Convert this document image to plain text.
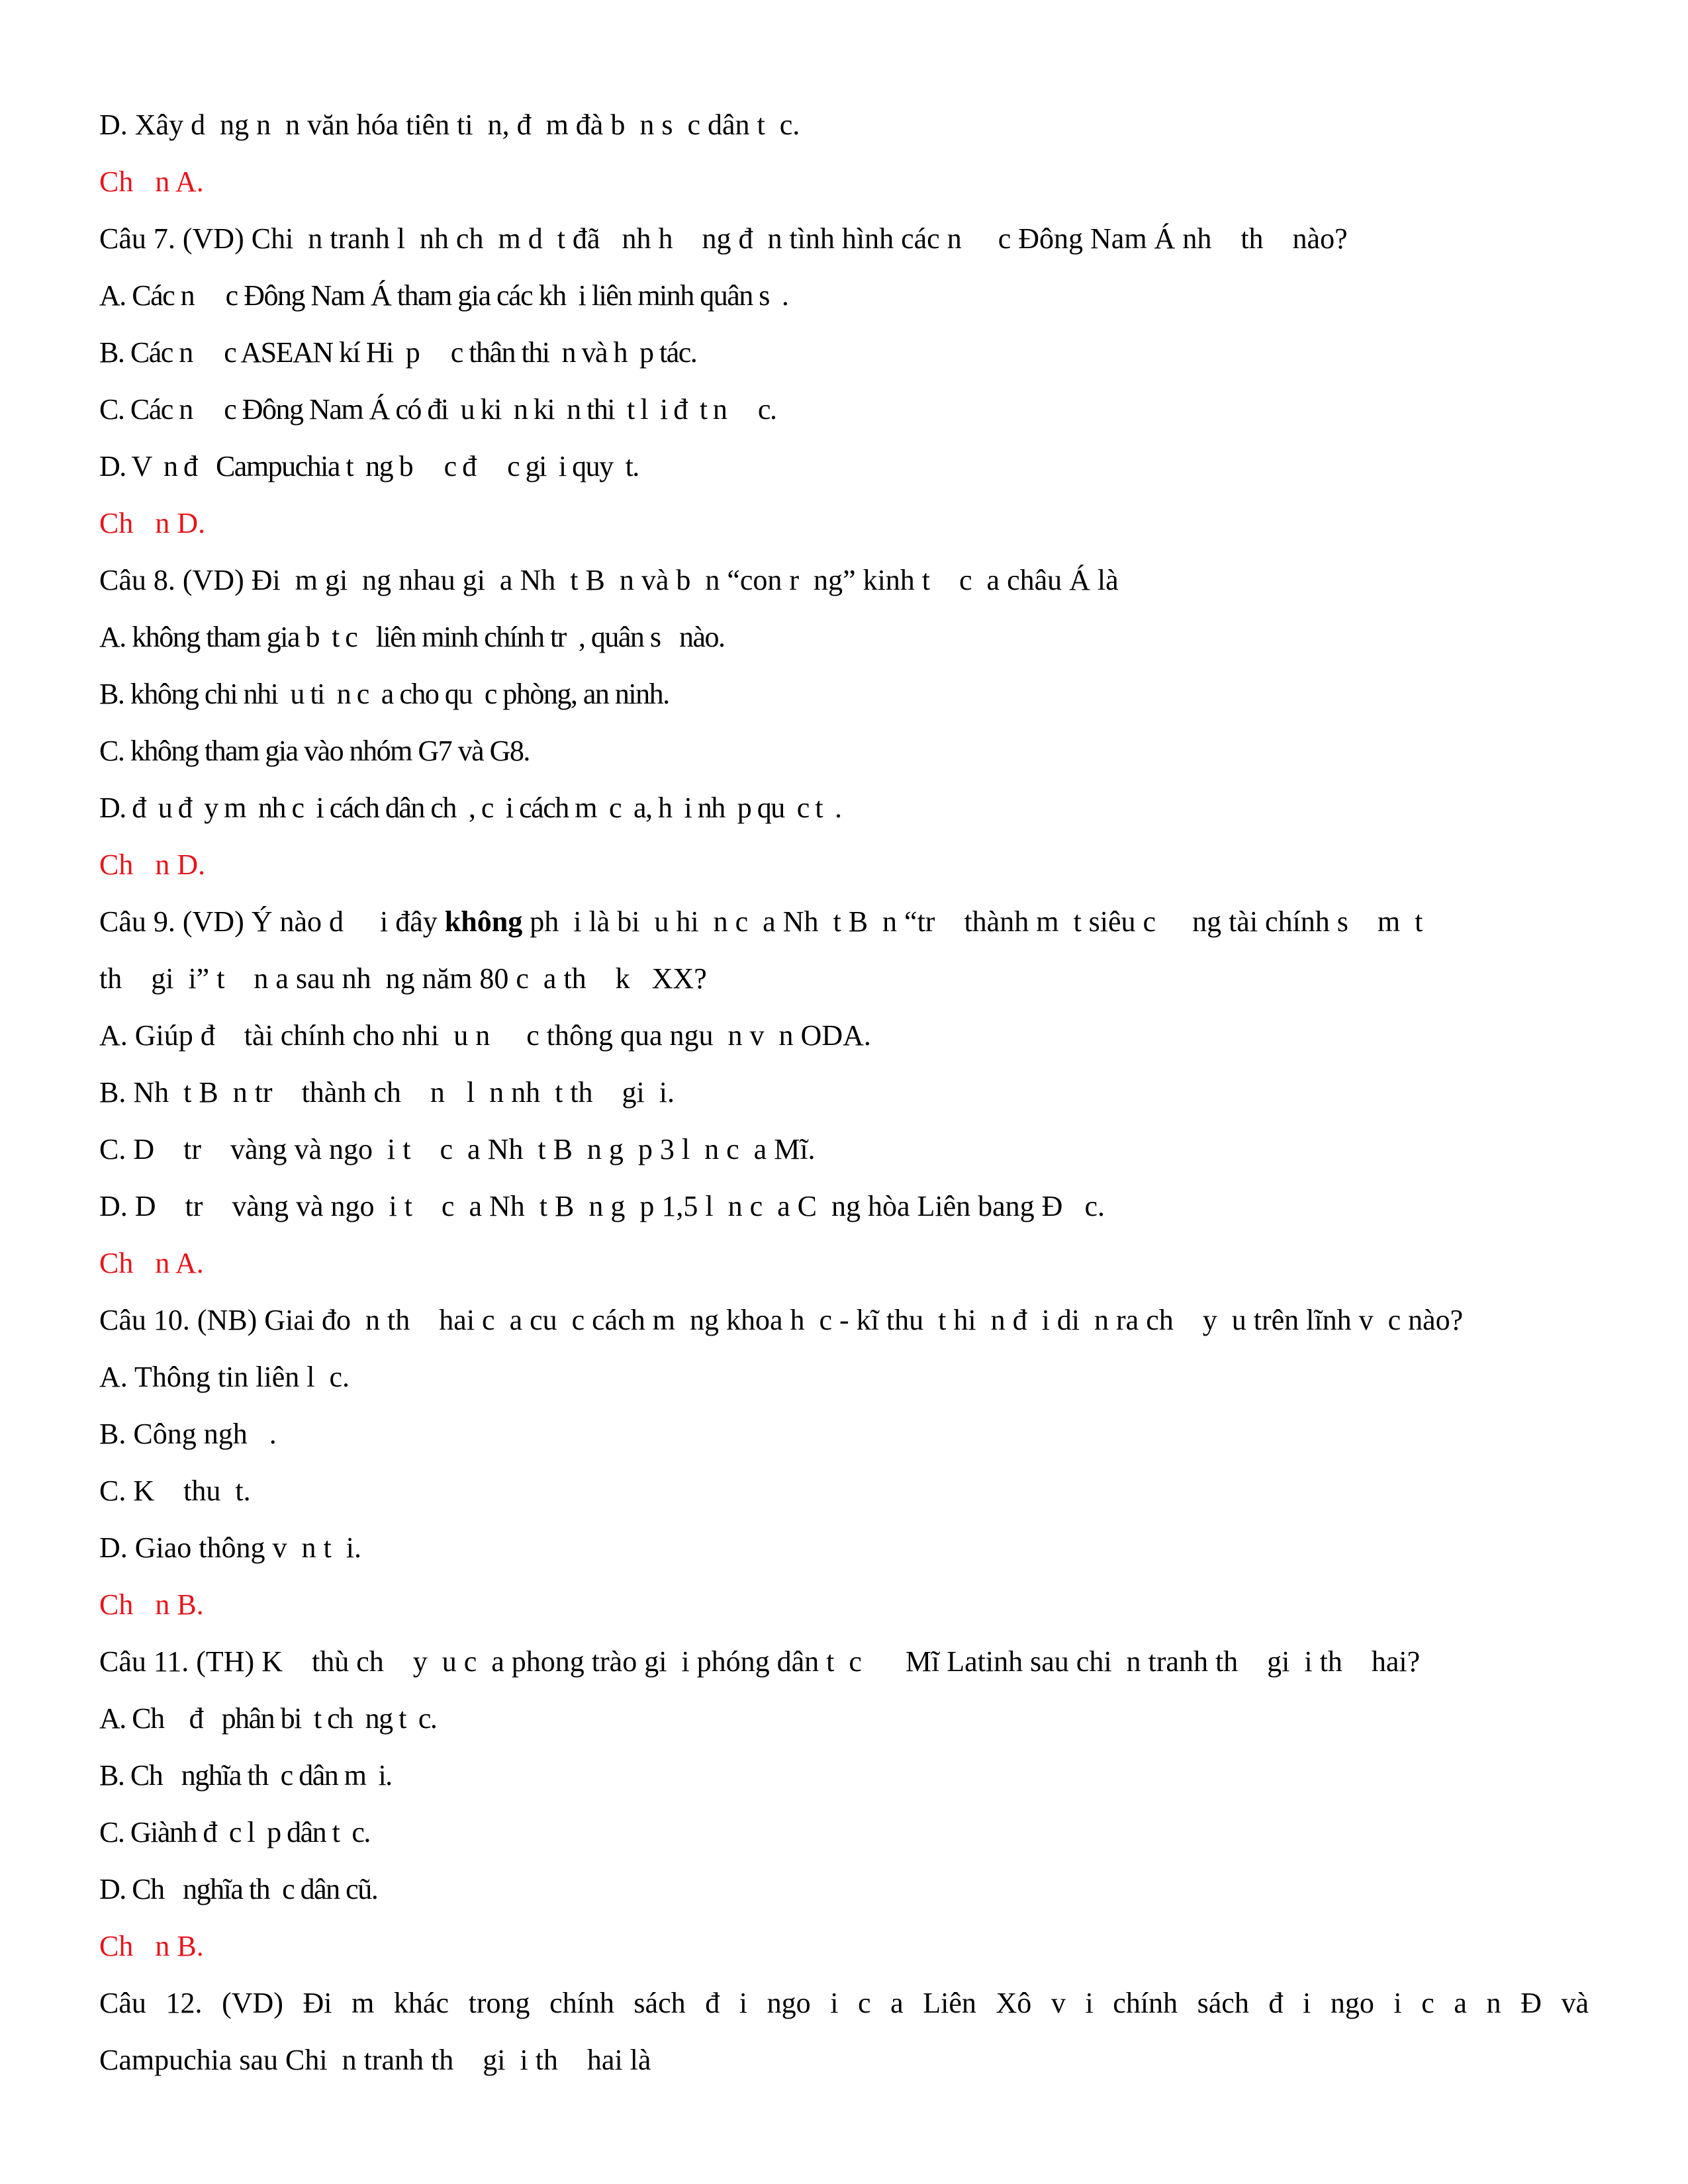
D. Xây d  ng n  n văn hóa tiên ti  n, đ  m đà b  n s  c dân t  c.
Ch   n A.
Câu 7. (VD) Chi  n tranh l  nh ch  m d  t đã   nh h    ng đ  n tình hình các n     c Đông Nam Á nh    th    nào?
A. Các n     c Đông Nam Á tham gia các kh  i liên minh quân s  .
B. Các n     c ASEAN kí Hi  p     c thân thi  n và h  p tác.
C. Các n     c Đông Nam Á có đi  u ki  n ki  n thi  t l  i đ  t n     c.
D. V  n đ   Campuchia t  ng b     c đ     c gi  i quy  t.
Ch   n D.
Câu 8. (VD) Đi  m gi  ng nhau gi  a Nh  t B  n và b  n “con r  ng” kinh t    c  a châu Á là
A. không tham gia b  t c   liên minh chính tr  , quân s   nào.
B. không chi nhi  u ti  n c  a cho qu  c phòng, an ninh.
C. không tham gia vào nhóm G7 và G8.
D. đ  u đ  y m  nh c  i cách dân ch  , c  i cách m  c  a, h  i nh  p qu  c t  .
Ch   n D.
Câu 9. (VD) Ý nào d     i đây không ph  i là bi  u hi  n c  a Nh  t B  n “tr    thành m  t siêu c     ng tài chính s    m  t
th    gi  i” t    n a sau nh  ng năm 80 c  a th    k   XX?
A. Giúp đ    tài chính cho nhi  u n     c thông qua ngu  n v  n ODA.
B. Nh  t B  n tr    thành ch    n   l  n nh  t th    gi  i.
C. D    tr    vàng và ngo  i t    c  a Nh  t B  n g  p 3 l  n c  a Mĩ.
D. D    tr    vàng và ngo  i t    c  a Nh  t B  n g  p 1,5 l  n c  a C  ng hòa Liên bang Đ   c.
Ch   n A.
Câu 10. (NB) Giai đo  n th    hai c  a cu  c cách m  ng khoa h  c - kĩ thu  t hi  n đ  i di  n ra ch    y  u trên lĩnh v  c nào?
A. Thông tin liên l  c.
B. Công ngh   .
C. K    thu  t.
D. Giao thông v  n t  i.
Ch   n B.
Câu 11. (TH) K    thù ch    y  u c  a phong trào gi  i phóng dân t  c      Mĩ Latinh sau chi  n tranh th    gi  i th    hai?
A. Ch    đ   phân bi  t ch  ng t  c.
B. Ch   nghĩa th  c dân m  i.
C. Giành đ  c l  p dân t  c.
D. Ch   nghĩa th  c dân cũ.
Ch   n B.
Câu 12. (VD) Đi m khác trong chính sách đ i ngo i c a Liên Xô v i chính sách đ i ngo i c a n Đ và
Campuchia sau Chi  n tranh th    gi  i th    hai là
